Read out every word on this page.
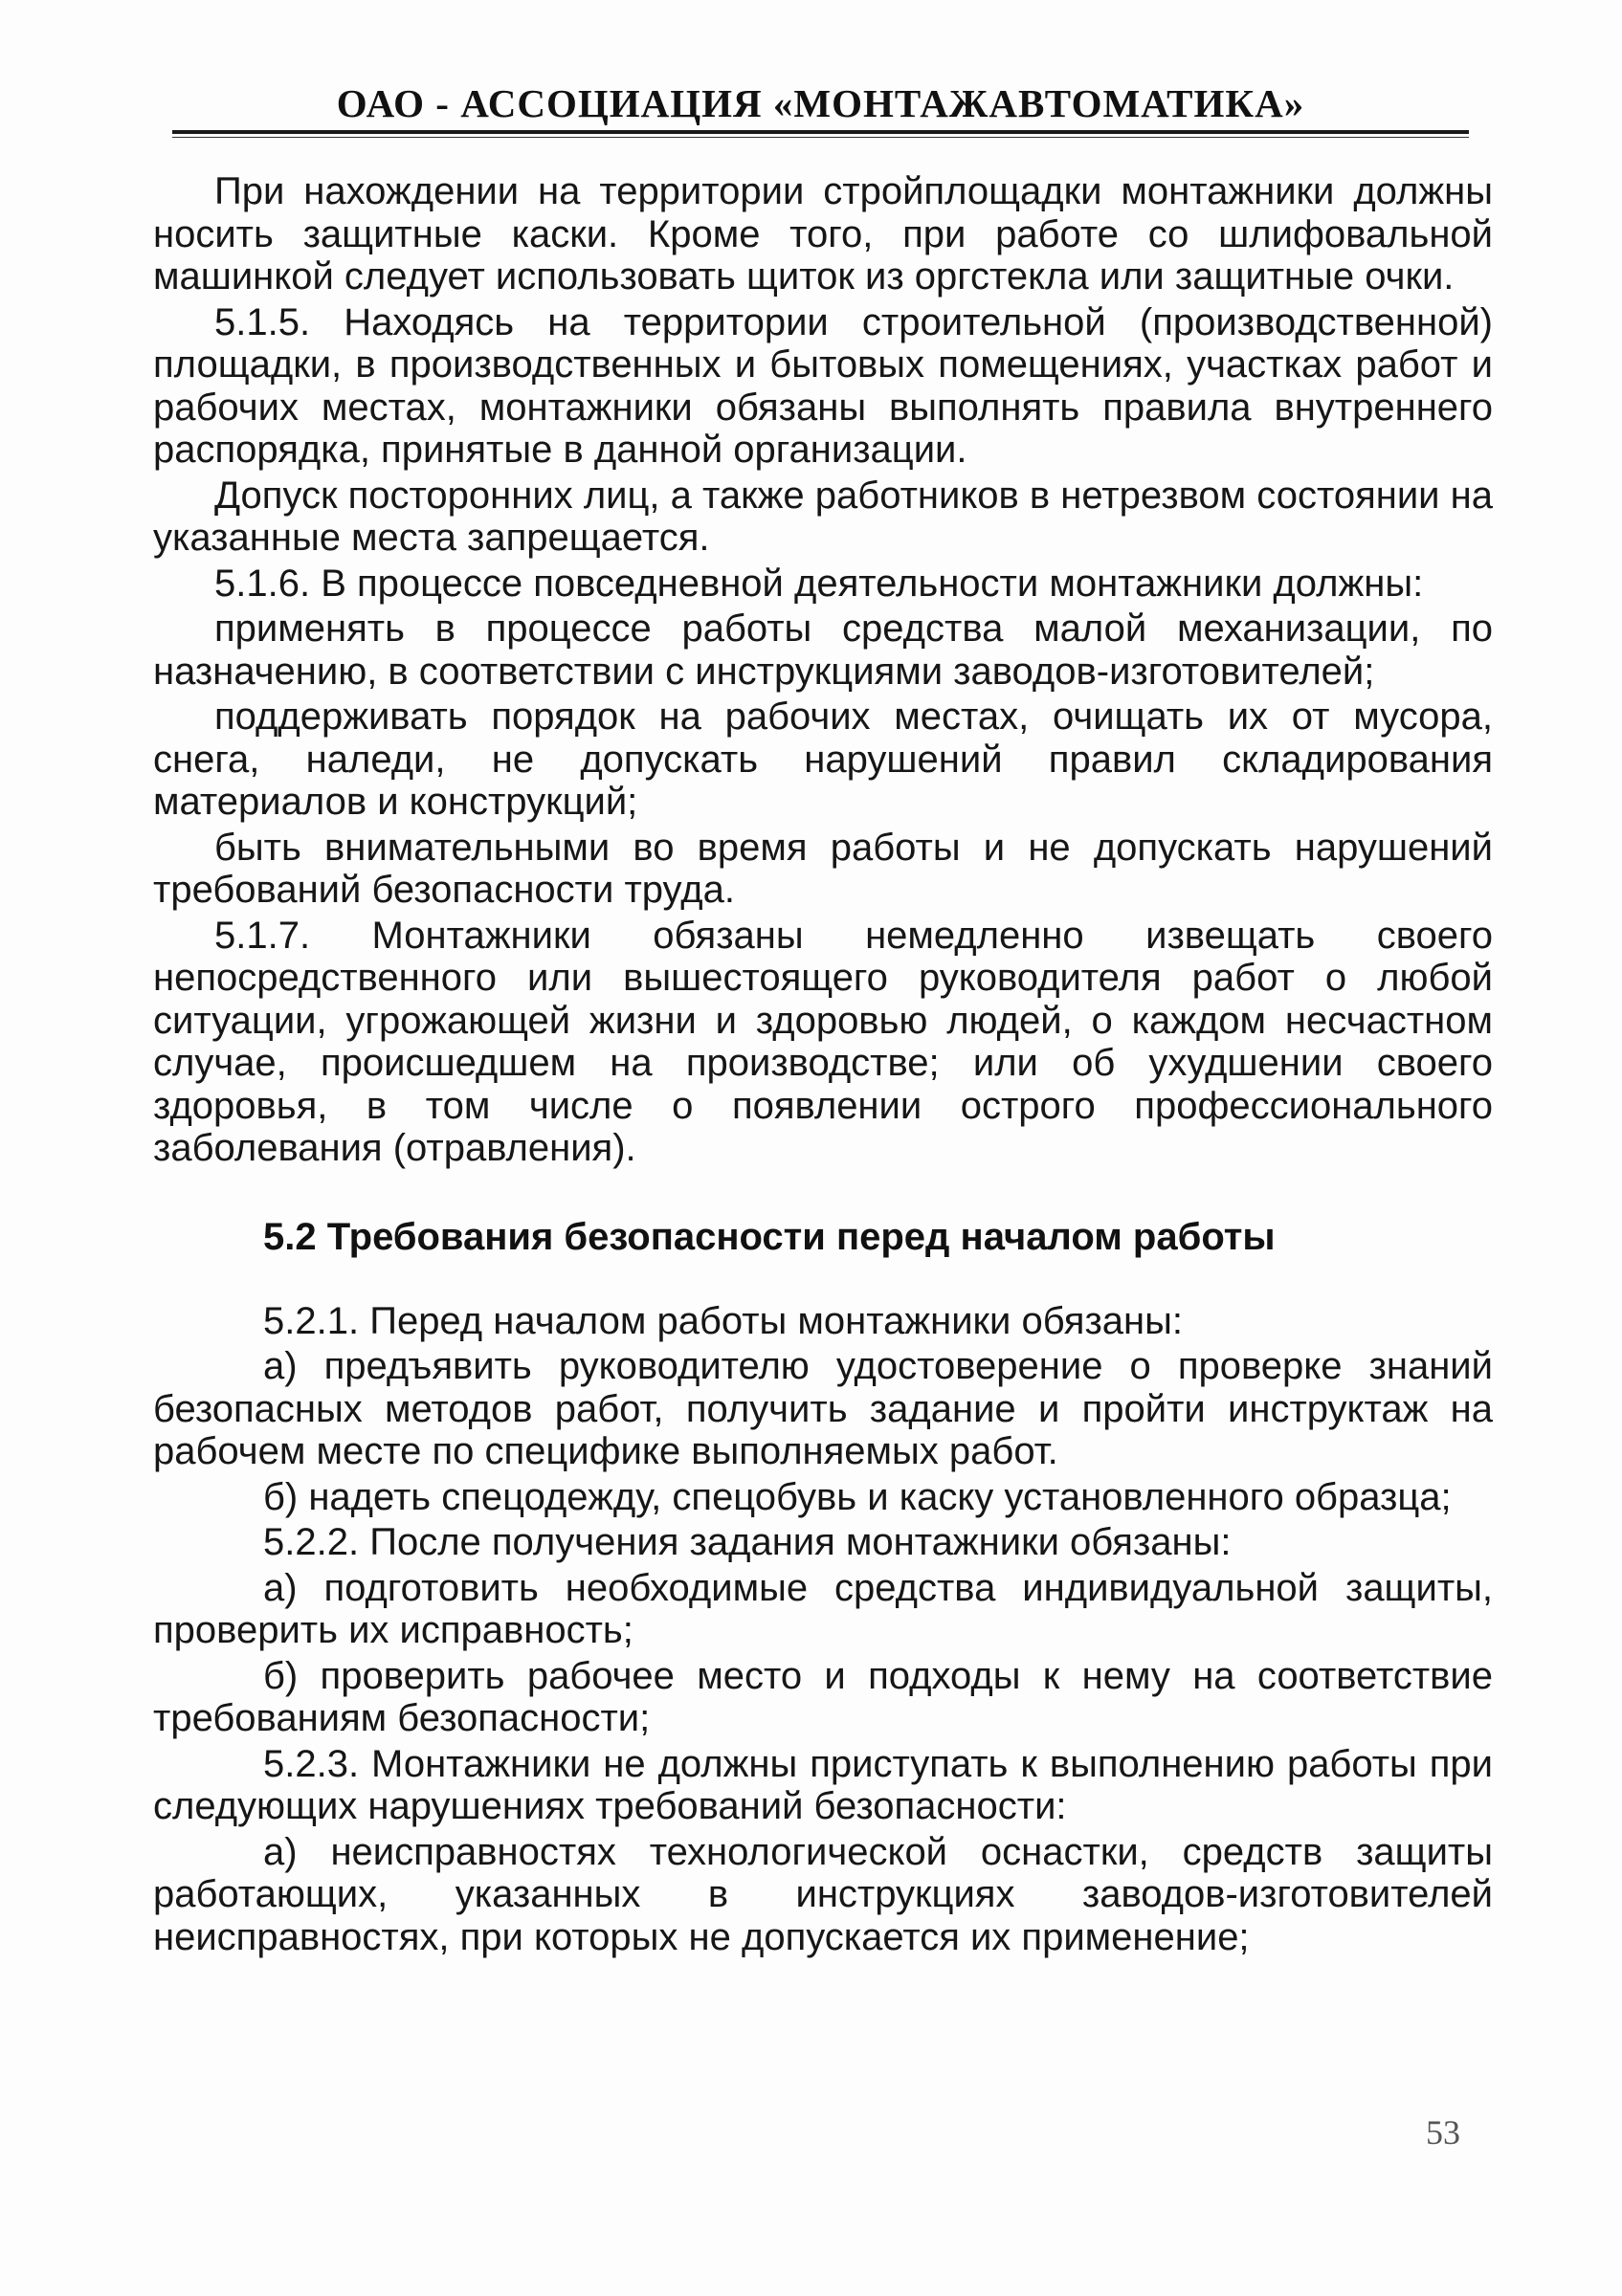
ОАО - АССОЦИАЦИЯ «МОНТАЖАВТОМАТИКА»

При нахождении на территории стройплощадки монтажники должны носить защитные каски. Кроме того, при работе со шлифовальной машинкой следует использовать щиток из оргстекла или защитные очки.

5.1.5. Находясь на территории строительной (производственной) площадки, в производственных и бытовых помещениях, участках работ и рабочих местах, монтажники обязаны выполнять правила внутреннего распорядка, принятые в данной организации.

Допуск посторонних лиц, а также работников в нетрезвом состоянии на указанные места запрещается.

5.1.6. В процессе повседневной деятельности монтажники должны:

применять в процессе работы средства малой механизации, по назначению, в соответствии с инструкциями заводов-изготовителей;

поддерживать порядок на рабочих местах, очищать их от мусора, снега, наледи, не допускать нарушений правил складирования материалов и конструкций;

быть внимательными во время работы и не допускать нарушений требований безопасности труда.

5.1.7. Монтажники обязаны немедленно извещать своего непосредственного или вышестоящего руководителя работ о любой ситуации, угрожающей жизни и здоровью людей, о каждом несчастном случае, происшедшем на производстве; или об ухудшении своего здоровья, в том числе о появлении острого профессионального заболевания (отравления).

5.2 Требования безопасности перед началом работы

5.2.1. Перед началом работы монтажники обязаны:

а) предъявить руководителю удостоверение о проверке знаний безопасных методов работ, получить задание и пройти инструктаж на рабочем месте по специфике выполняемых работ.

б) надеть спецодежду, спецобувь и каску установленного образца;

5.2.2. После получения задания монтажники обязаны:

а) подготовить необходимые средства индивидуальной защиты, проверить их исправность;

б) проверить рабочее место и подходы к нему на соответствие требованиям безопасности;

5.2.3. Монтажники не должны приступать к выполнению работы при следующих нарушениях требований безопасности:

а) неисправностях технологической оснастки, средств защиты работающих, указанных в инструкциях заводов-изготовителей неисправностях, при которых не допускается их применение;

53
